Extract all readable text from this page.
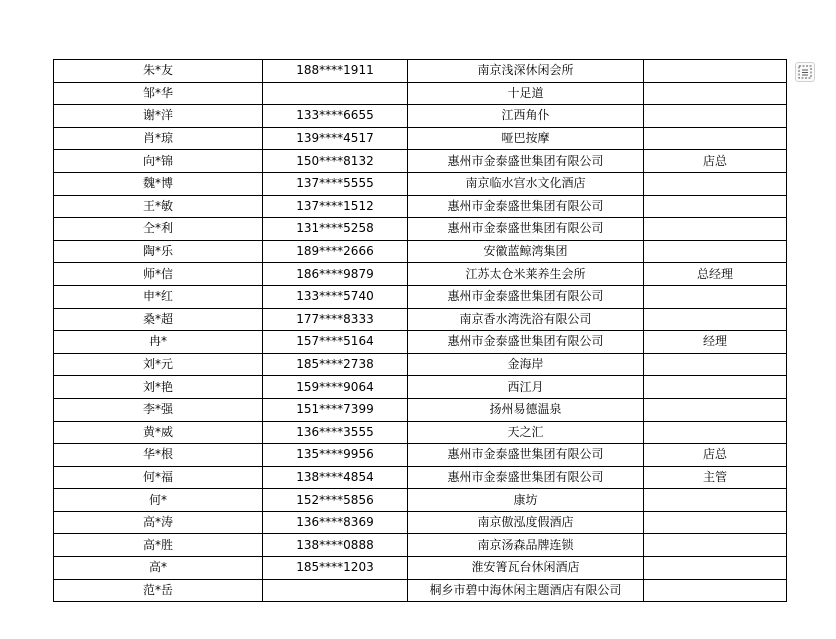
朱*友	188****1911	南京浅深休闲会所	
邹*华		十足道	
谢*洋	133****6655	江西角仆	
肖*琼	139****4517	哑巴按摩	
向*锦	150****8132	惠州市金泰盛世集团有限公司	店总
魏*博	137****5555	南京临水宫水文化酒店	
王*敏	137****1512	惠州市金泰盛世集团有限公司	
仝*利	131****5258	惠州市金泰盛世集团有限公司	
陶*乐	189****2666	安徽蓝鲸湾集团	
师*信	186****9879	江苏太仓米莱养生会所	总经理
申*红	133****5740	惠州市金泰盛世集团有限公司	
桑*超	177****8333	南京香水湾洗浴有限公司	
冉*	157****5164	惠州市金泰盛世集团有限公司	经理
刘*元	185****2738	金海岸	
刘*艳	159****9064	西江月	
李*强	151****7399	扬州易德温泉	
黄*威	136****3555	天之汇	
华*根	135****9956	惠州市金泰盛世集团有限公司	店总
何*福	138****4854	惠州市金泰盛世集团有限公司	主管
何*	152****5856	康坊	
高*涛	136****8369	南京傲泓度假酒店	
高*胜	138****0888	南京汤森品牌连锁	
高*	185****1203	淮安箐瓦台休闲酒店	
范*岳		桐乡市碧中海休闲主题酒店有限公司	
